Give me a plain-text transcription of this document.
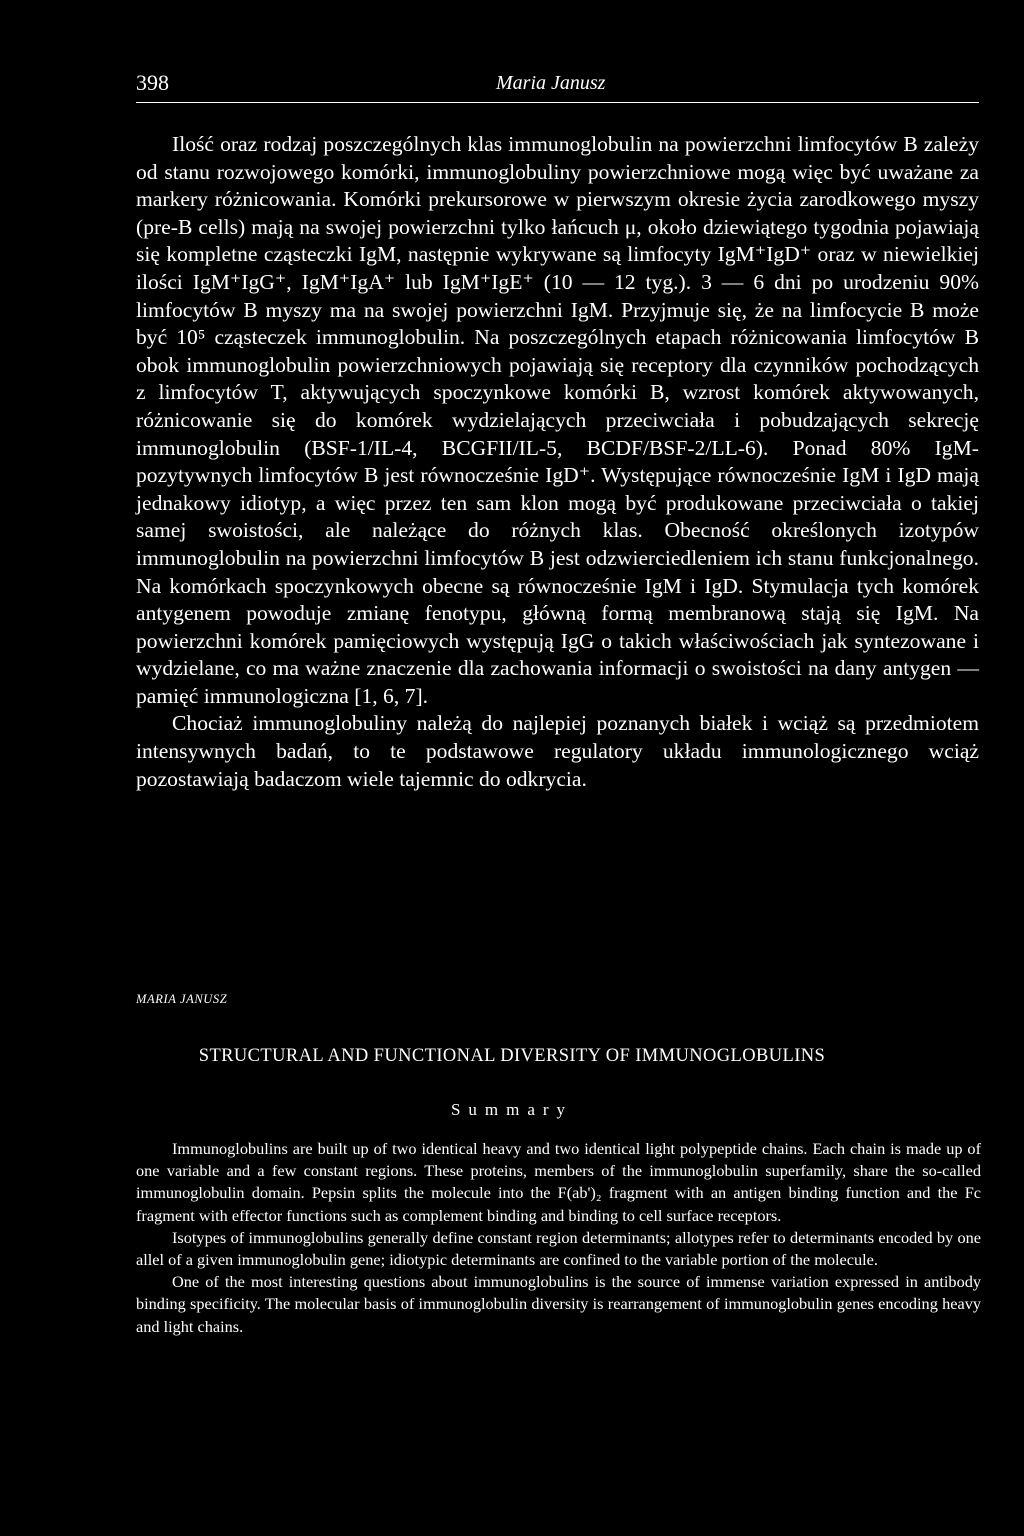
398	Maria Janusz

Ilość oraz rodzaj poszczególnych klas immunoglobulin na powierzchni limfocytów B zależy od stanu rozwojowego komórki, immunoglobuliny powierzchniowe mogą więc być uważane za markery różnicowania. Komórki prekursorowe w pierwszym okresie życia zarodkowego myszy (pre-B cells) mają na swojej powierzchni tylko łańcuch μ, około dziewiątego tygodnia pojawiają się kompletne cząsteczki IgM, następnie wykrywane są limfocyty IgM⁺IgD⁺ oraz w niewielkiej ilości IgM⁺IgG⁺, IgM⁺IgA⁺ lub IgM⁺IgE⁺ (10 — 12 tyg.). 3 — 6 dni po urodzeniu 90% limfocytów B myszy ma na swojej powierzchni IgM. Przyjmuje się, że na limfocycie B może być 10⁵ cząsteczek immunoglobulin. Na poszczególnych etapach różnicowania limfocytów B obok immunoglobulin powierzchniowych pojawiają się receptory dla czynników pochodzących z limfocytów T, aktywujących spoczynkowe komórki B, wzrost komórek aktywowanych, różnicowanie się do komórek wydzielających przeciwciała i pobudzających sekrecję immunoglobulin (BSF-1/IL-4, BCGFII/IL-5, BCDF/BSF-2/LL-6). Ponad 80% IgM-pozytywnych limfocytów B jest równocześnie IgD⁺. Występujące równocześnie IgM i IgD mają jednakowy idiotyp, a więc przez ten sam klon mogą być produkowane przeciwciała o takiej samej swoistości, ale należące do różnych klas. Obecność określonych izotypów immunoglobulin na powierzchni limfocytów B jest odzwierciedleniem ich stanu funkcjonalnego. Na komórkach spoczynkowych obecne są równocześnie IgM i IgD. Stymulacja tych komórek antygenem powoduje zmianę fenotypu, główną formą membranową stają się IgM. Na powierzchni komórek pamięciowych występują IgG o takich właściwościach jak syntezowane i wydzielane, co ma ważne znaczenie dla zachowania informacji o swoistości na dany antygen — pamięć immunologiczna [1, 6, 7].

Chociaż immunoglobuliny należą do najlepiej poznanych białek i wciąż są przedmiotem intensywnych badań, to te podstawowe regulatory układu immunologicznego wciąż pozostawiają badaczom wiele tajemnic do odkrycia.

MARIA JANUSZ
STRUCTURAL AND FUNCTIONAL DIVERSITY OF IMMUNOGLOBULINS
Summary

Immunoglobulins are built up of two identical heavy and two identical light polypeptide chains. Each chain is made up of one variable and a few constant regions. These proteins, members of the immunoglobulin superfamily, share the so-called immunoglobulin domain. Pepsin splits the molecule into the F(ab')₂ fragment with an antigen binding function and the Fc fragment with effector functions such as complement binding and binding to cell surface receptors.

Isotypes of immunoglobulins generally define constant region determinants; allotypes refer to determinants encoded by one allel of a given immunoglobulin gene; idiotypic determinants are confined to the variable portion of the molecule.

One of the most interesting questions about immunoglobulins is the source of immense variation expressed in antibody binding specificity. The molecular basis of immunoglobulin diversity is rearrangement of immunoglobulin genes encoding heavy and light chains.
